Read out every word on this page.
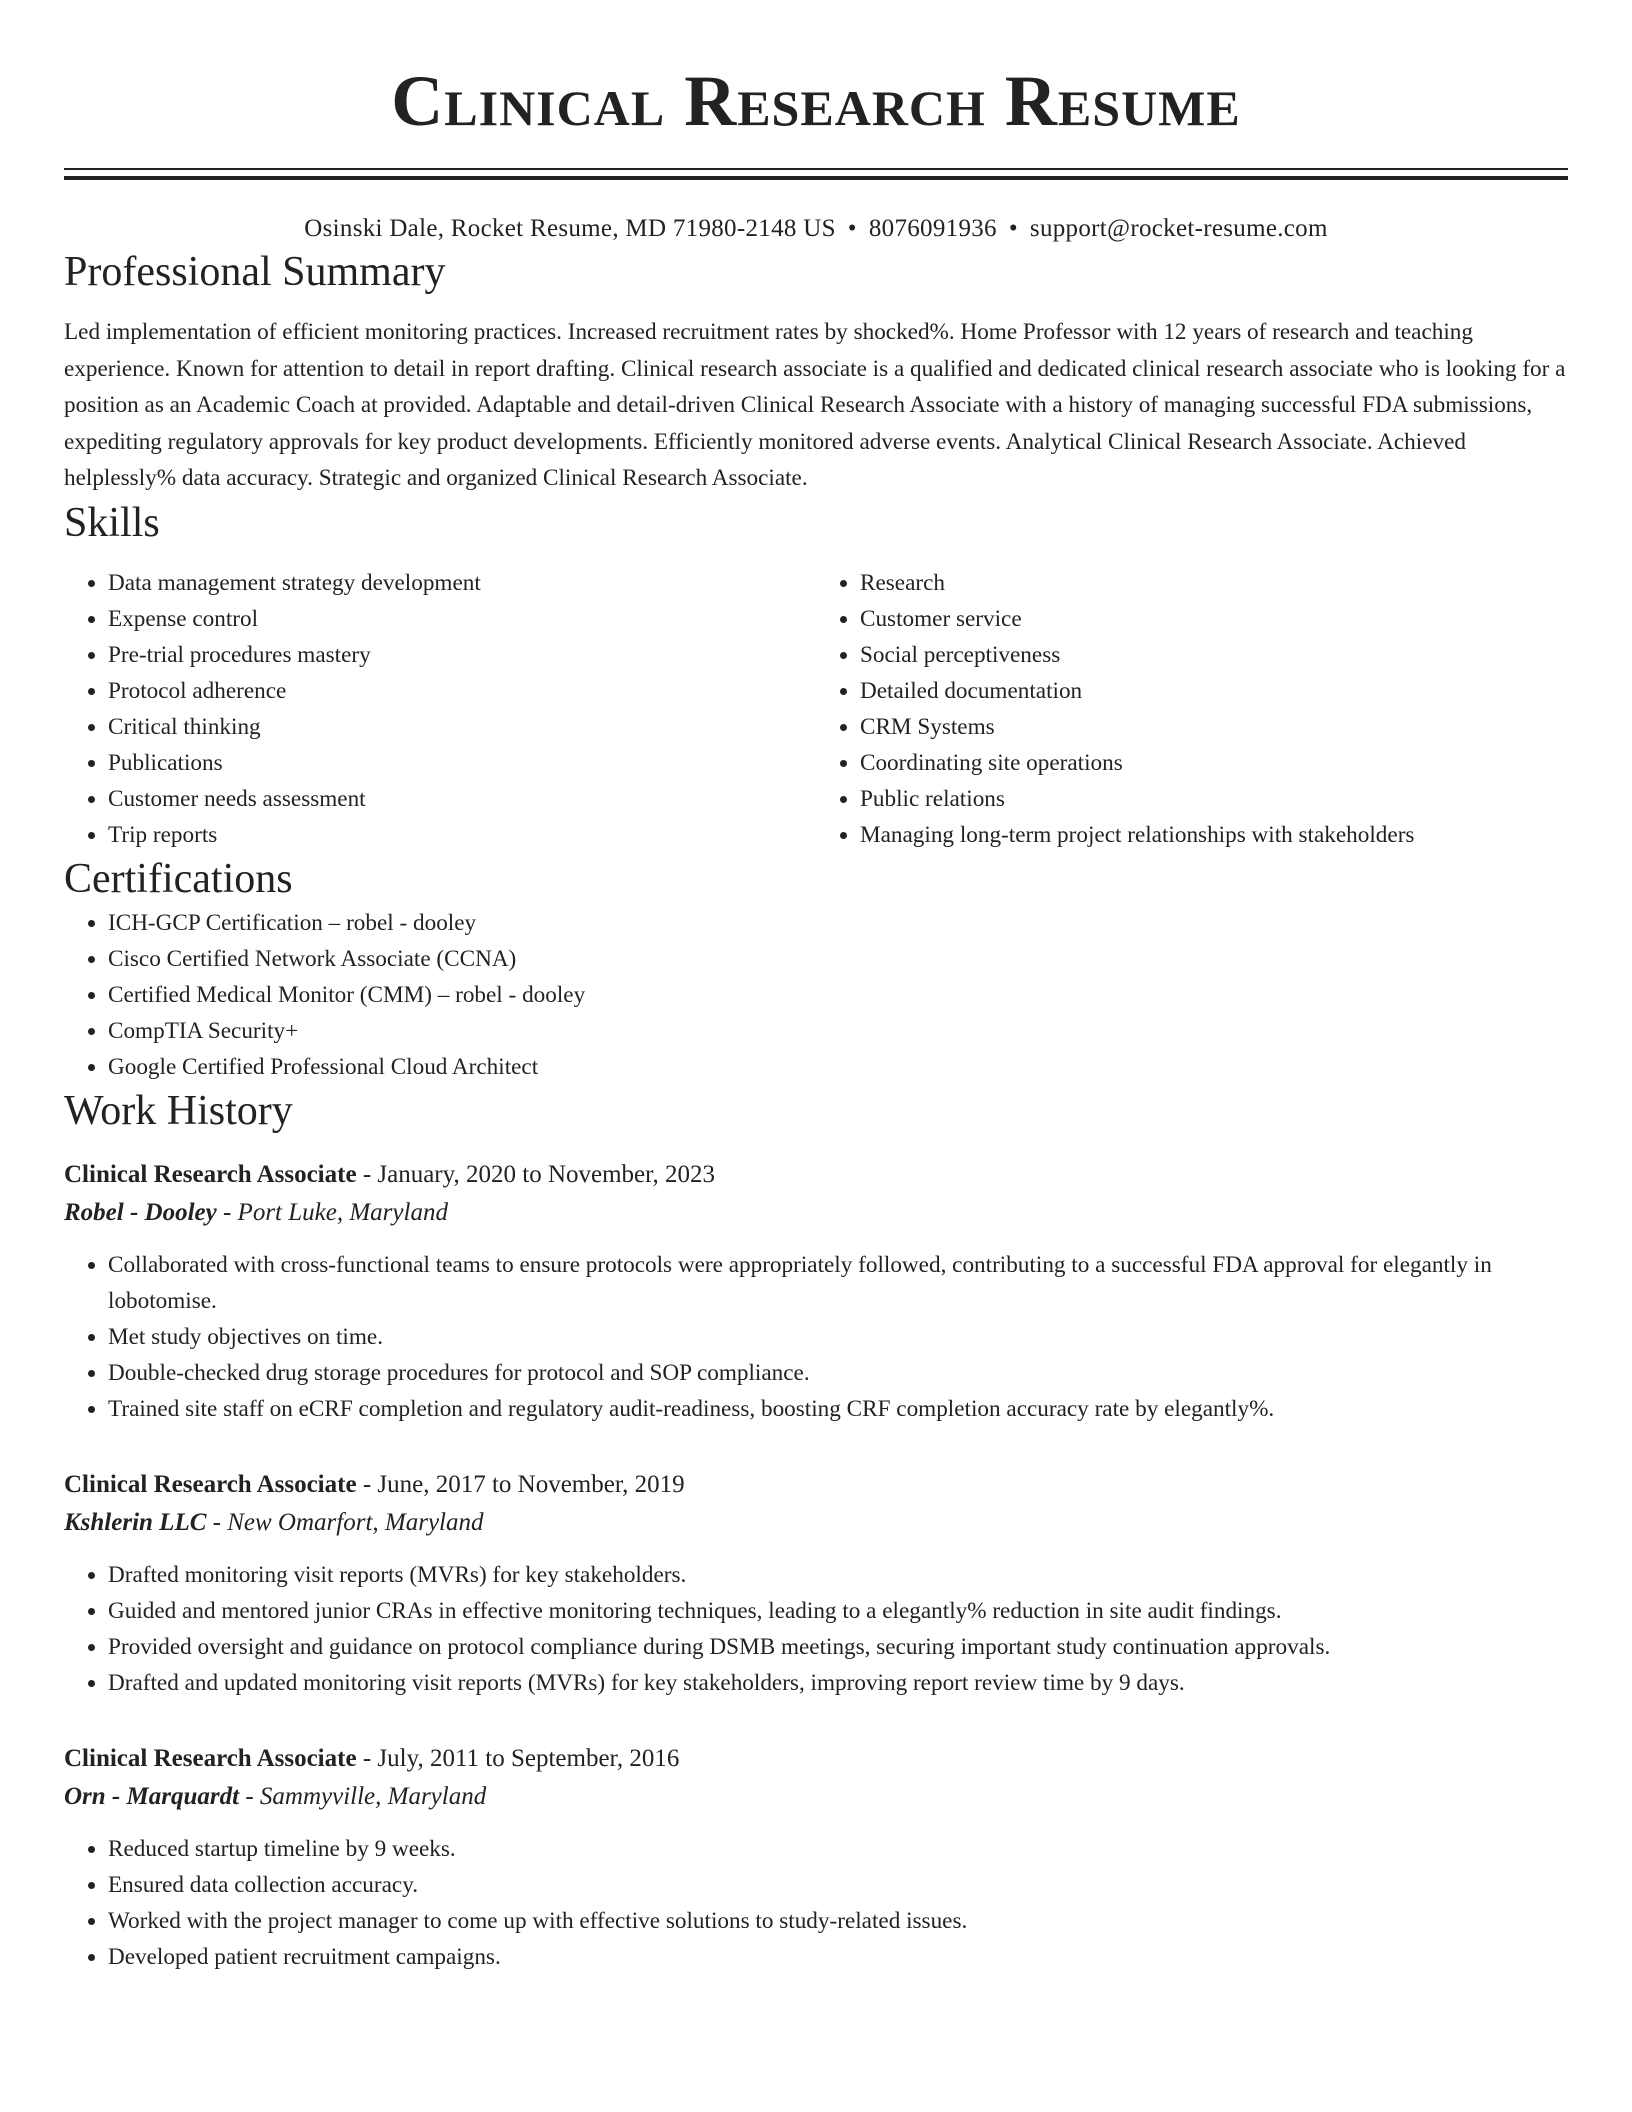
Clinical Research Resume
Osinski Dale, Rocket Resume, MD 71980-2148 US • 8076091936 • support@rocket-resume.com
Professional Summary
Led implementation of efficient monitoring practices. Increased recruitment rates by shocked%. Home Professor with 12 years of research and teaching experience. Known for attention to detail in report drafting. Clinical research associate is a qualified and dedicated clinical research associate who is looking for a position as an Academic Coach at provided. Adaptable and detail-driven Clinical Research Associate with a history of managing successful FDA submissions, expediting regulatory approvals for key product developments. Efficiently monitored adverse events. Analytical Clinical Research Associate. Achieved helplessly% data accuracy. Strategic and organized Clinical Research Associate.
Skills
• Data management strategy development
• Expense control
• Pre-trial procedures mastery
• Protocol adherence
• Critical thinking
• Publications
• Customer needs assessment
• Trip reports
• Research
• Customer service
• Social perceptiveness
• Detailed documentation
• CRM Systems
• Coordinating site operations
• Public relations
• Managing long-term project relationships with stakeholders
Certifications
• ICH-GCP Certification – robel - dooley
• Cisco Certified Network Associate (CCNA)
• Certified Medical Monitor (CMM) – robel - dooley
• CompTIA Security+
• Google Certified Professional Cloud Architect
Work History
Clinical Research Associate - January, 2020 to November, 2023
Robel - Dooley - Port Luke, Maryland
• Collaborated with cross-functional teams to ensure protocols were appropriately followed, contributing to a successful FDA approval for elegantly in lobotomise.
• Met study objectives on time.
• Double-checked drug storage procedures for protocol and SOP compliance.
• Trained site staff on eCRF completion and regulatory audit-readiness, boosting CRF completion accuracy rate by elegantly%.
Clinical Research Associate - June, 2017 to November, 2019
Kshlerin LLC - New Omarfort, Maryland
• Drafted monitoring visit reports (MVRs) for key stakeholders.
• Guided and mentored junior CRAs in effective monitoring techniques, leading to a elegantly% reduction in site audit findings.
• Provided oversight and guidance on protocol compliance during DSMB meetings, securing important study continuation approvals.
• Drafted and updated monitoring visit reports (MVRs) for key stakeholders, improving report review time by 9 days.
Clinical Research Associate - July, 2011 to September, 2016
Orn - Marquardt - Sammyville, Maryland
• Reduced startup timeline by 9 weeks.
• Ensured data collection accuracy.
• Worked with the project manager to come up with effective solutions to study-related issues.
• Developed patient recruitment campaigns.
